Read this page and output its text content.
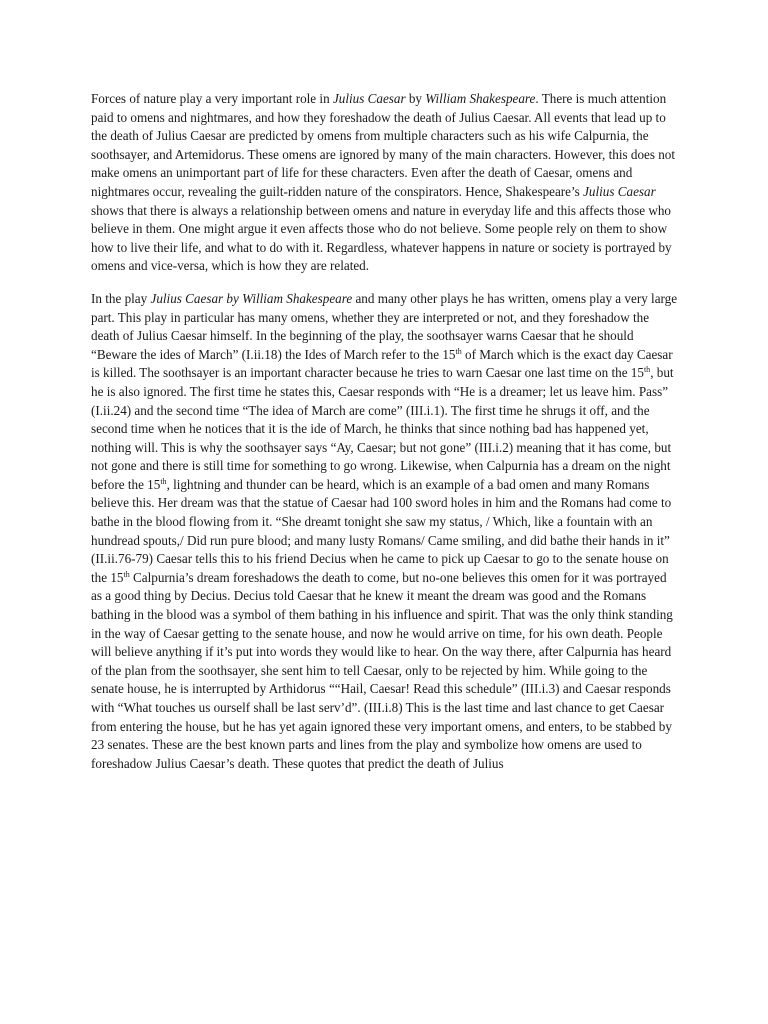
Forces of nature play a very important role in Julius Caesar by William Shakespeare. There is much attention paid to omens and nightmares, and how they foreshadow the death of Julius Caesar. All events that lead up to the death of Julius Caesar are predicted by omens from multiple characters such as his wife Calpurnia, the soothsayer, and Artemidorus. These omens are ignored by many of the main characters. However, this does not make omens an unimportant part of life for these characters. Even after the death of Caesar, omens and nightmares occur, revealing the guilt-ridden nature of the conspirators. Hence, Shakespeare’s Julius Caesar shows that there is always a relationship between omens and nature in everyday life and this affects those who believe in them. One might argue it even affects those who do not believe. Some people rely on them to show how to live their life, and what to do with it. Regardless, whatever happens in nature or society is portrayed by omens and vice-versa, which is how they are related.

In the play Julius Caesar by William Shakespeare and many other plays he has written, omens play a very large part. This play in particular has many omens, whether they are interpreted or not, and they foreshadow the death of Julius Caesar himself. In the beginning of the play, the soothsayer warns Caesar that he should “Beware the ides of March” (I.ii.18) the Ides of March refer to the 15th of March which is the exact day Caesar is killed. The soothsayer is an important character because he tries to warn Caesar one last time on the 15th, but he is also ignored. The first time he states this, Caesar responds with “He is a dreamer; let us leave him. Pass” (I.ii.24) and the second time “The idea of March are come” (III.i.1). The first time he shrugs it off, and the second time when he notices that it is the ide of March, he thinks that since nothing bad has happened yet, nothing will. This is why the soothsayer says “Ay, Caesar; but not gone” (III.i.2) meaning that it has come, but not gone and there is still time for something to go wrong. Likewise, when Calpurnia has a dream on the night before the 15th, lightning and thunder can be heard, which is an example of a bad omen and many Romans believe this. Her dream was that the statue of Caesar had 100 sword holes in him and the Romans had come to bathe in the blood flowing from it. “She dreamt tonight she saw my status, / Which, like a fountain with an hundread spouts,/ Did run pure blood; and many lusty Romans/ Came smiling, and did bathe their hands in it” (II.ii.76-79) Caesar tells this to his friend Decius when he came to pick up Caesar to go to the senate house on the 15th Calpurnia’s dream foreshadows the death to come, but no-one believes this omen for it was portrayed as a good thing by Decius. Decius told Caesar that he knew it meant the dream was good and the Romans bathing in the blood was a symbol of them bathing in his influence and spirit. That was the only think standing in the way of Caesar getting to the senate house, and now he would arrive on time, for his own death. People will believe anything if it’s put into words they would like to hear. On the way there, after Calpurnia has heard of the plan from the soothsayer, she sent him to tell Caesar, only to be rejected by him. While going to the senate house, he is interrupted by Arthidorus ““Hail, Caesar! Read this schedule” (III.i.3) and Caesar responds with “What touches us ourself shall be last serv’d”. (III.i.8) This is the last time and last chance to get Caesar from entering the house, but he has yet again ignored these very important omens, and enters, to be stabbed by 23 senates. These are the best known parts and lines from the play and symbolize how omens are used to foreshadow Julius Caesar’s death. These quotes that predict the death of Julius
